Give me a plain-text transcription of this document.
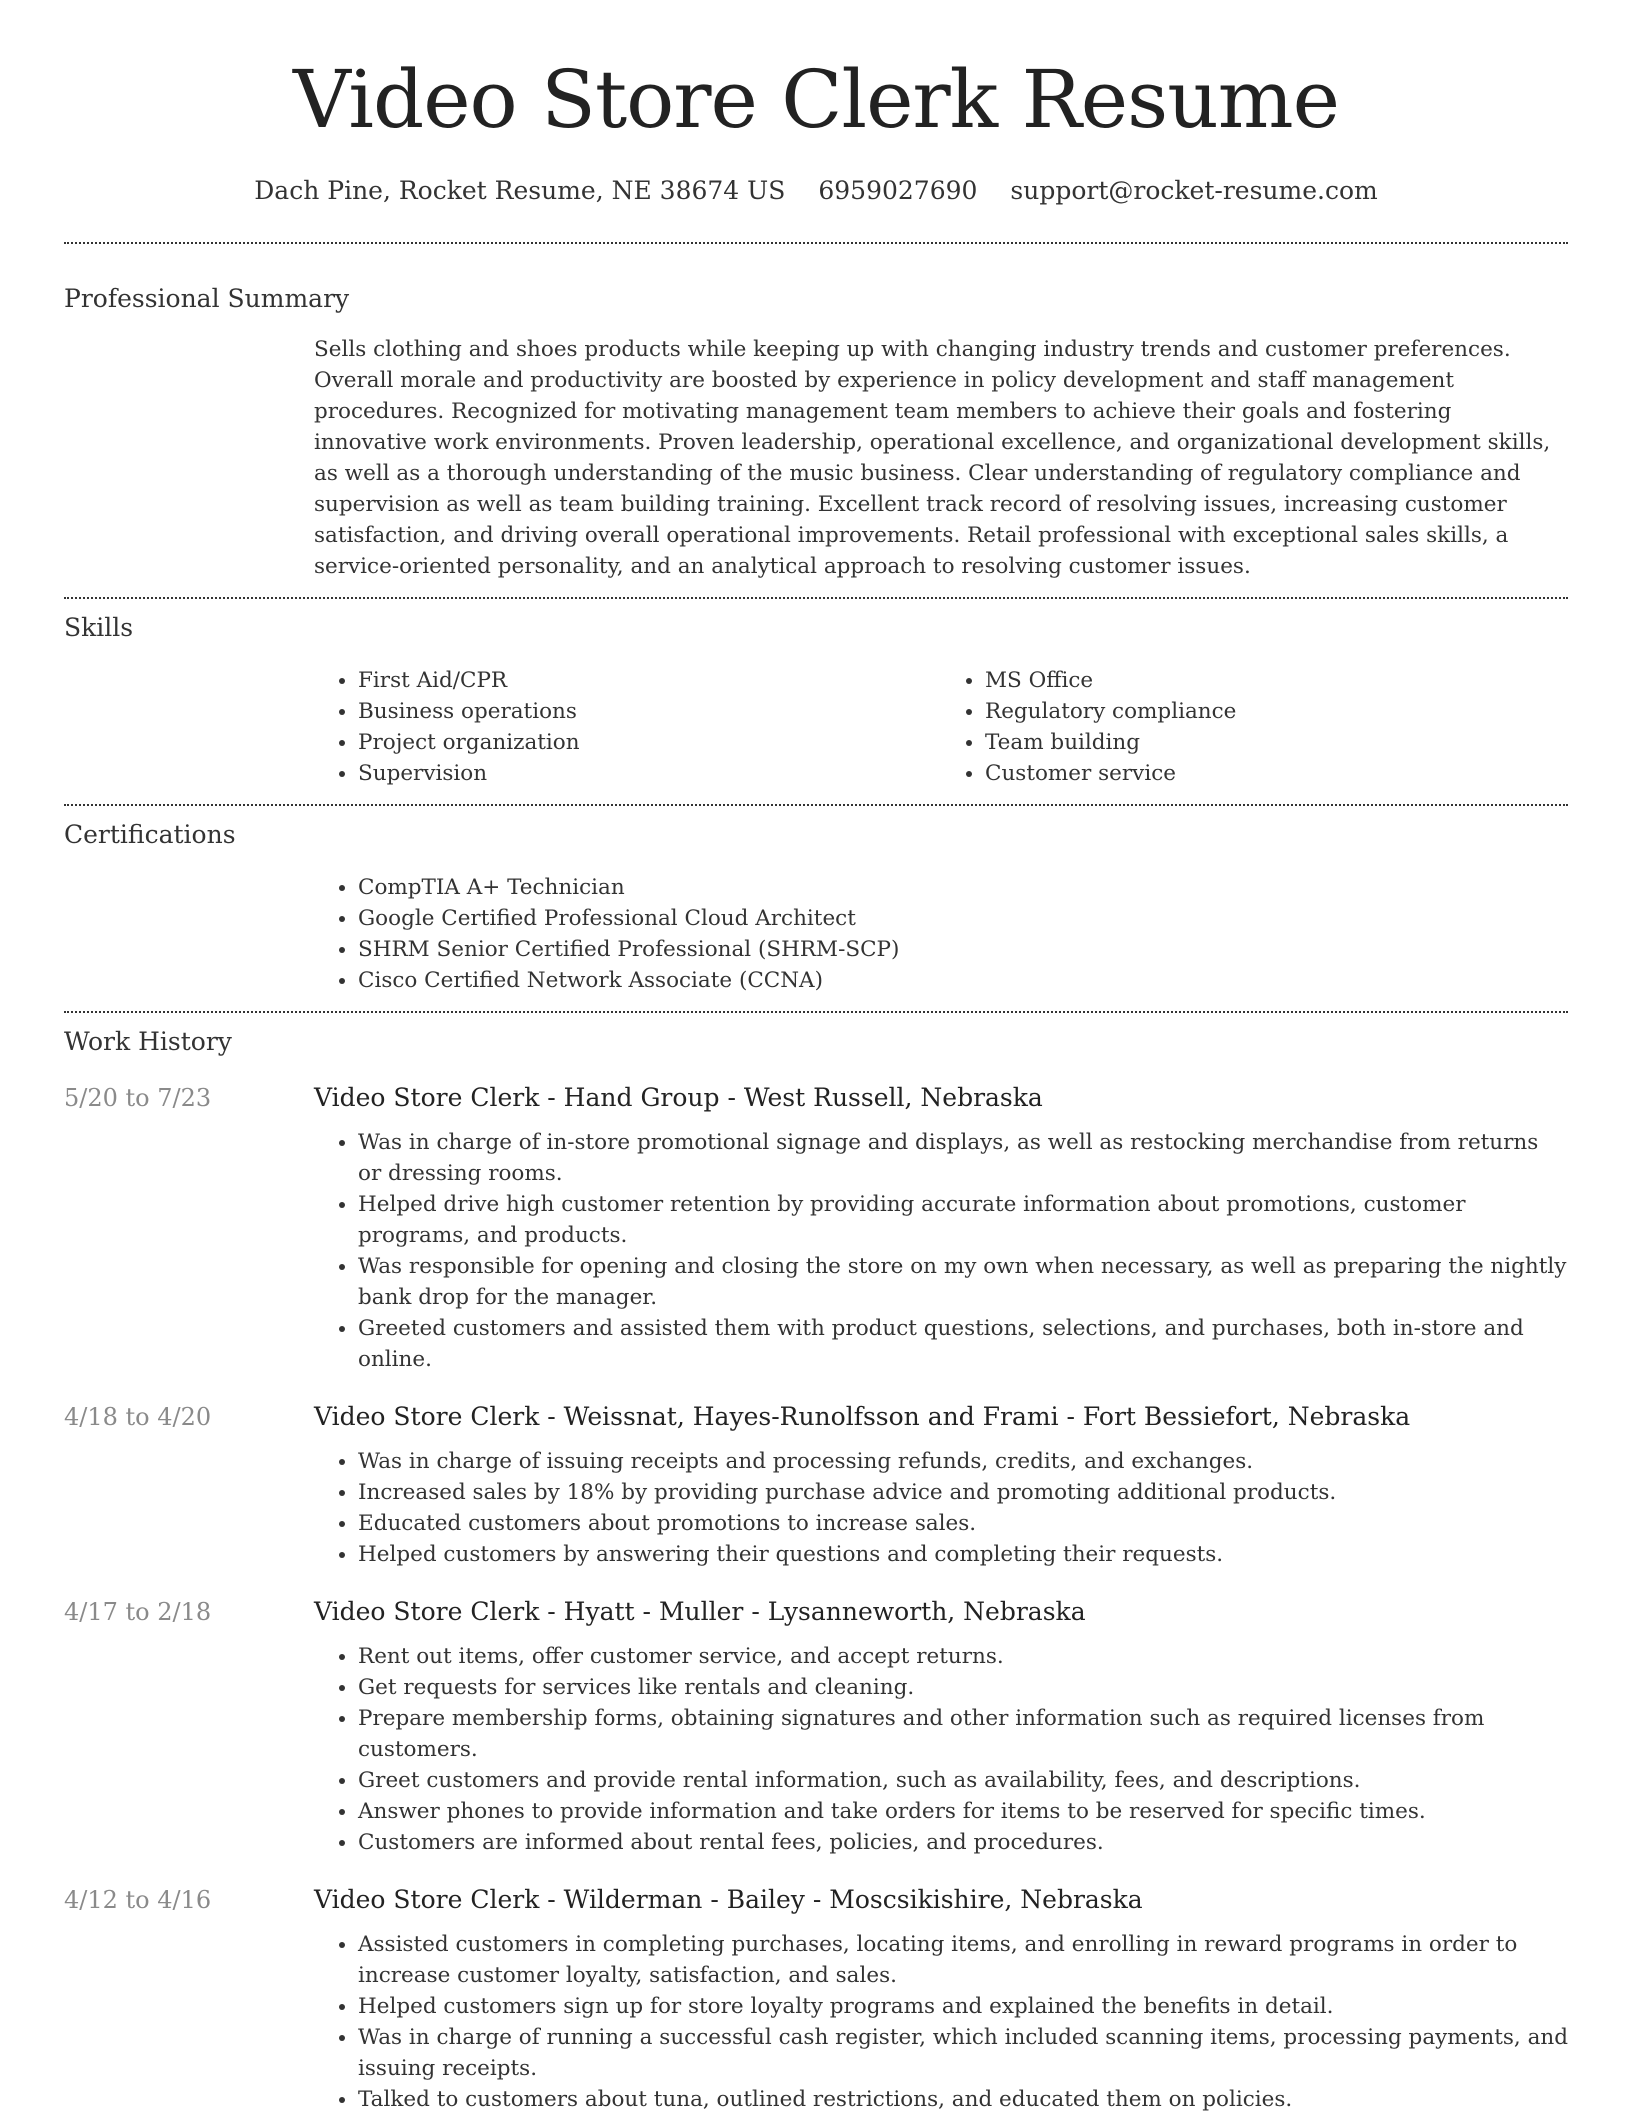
Video Store Clerk Resume
Dach Pine, Rocket Resume, NE 38674 US 6959027690 support@rocket-resume.com
Professional Summary

Sells clothing and shoes products while keeping up with changing industry trends and customer preferences. Overall morale and productivity are boosted by experience in policy development and staff management procedures. Recognized for motivating management team members to achieve their goals and fostering innovative work environments. Proven leadership, operational excellence, and organizational development skills, as well as a thorough understanding of the music business. Clear understanding of regulatory compliance and supervision as well as team building training. Excellent track record of resolving issues, increasing customer satisfaction, and driving overall operational improvements. Retail professional with exceptional sales skills, a service-oriented personality, and an analytical approach to resolving customer issues.

Skills
• First Aid/CPR
• Business operations
• Project organization
• Supervision
• MS Office
• Regulatory compliance
• Team building
• Customer service
Certifications
• CompTIA A+ Technician
• Google Certified Professional Cloud Architect
• SHRM Senior Certified Professional (SHRM-SCP)
• Cisco Certified Network Associate (CCNA)
Work History
5/20 to 7/23	Video Store Clerk - Hand Group - West Russell, Nebraska
• Was in charge of in-store promotional signage and displays, as well as restocking merchandise from returns or dressing rooms.
• Helped drive high customer retention by providing accurate information about promotions, customer programs, and products.
• Was responsible for opening and closing the store on my own when necessary, as well as preparing the nightly bank drop for the manager.
• Greeted customers and assisted them with product questions, selections, and purchases, both in-store and online.
4/18 to 4/20	Video Store Clerk - Weissnat, Hayes-Runolfsson and Frami - Fort Bessiefort, Nebraska
• Was in charge of issuing receipts and processing refunds, credits, and exchanges.
• Increased sales by 18% by providing purchase advice and promoting additional products.
• Educated customers about promotions to increase sales.
• Helped customers by answering their questions and completing their requests.
4/17 to 2/18	Video Store Clerk - Hyatt - Muller - Lysanneworth, Nebraska
• Rent out items, offer customer service, and accept returns.
• Get requests for services like rentals and cleaning.
• Prepare membership forms, obtaining signatures and other information such as required licenses from customers.
• Greet customers and provide rental information, such as availability, fees, and descriptions.
• Answer phones to provide information and take orders for items to be reserved for specific times.
• Customers are informed about rental fees, policies, and procedures.
4/12 to 4/16	Video Store Clerk - Wilderman - Bailey - Moscsikishire, Nebraska
• Assisted customers in completing purchases, locating items, and enrolling in reward programs in order to increase customer loyalty, satisfaction, and sales.
• Helped customers sign up for store loyalty programs and explained the benefits in detail.
• Was in charge of running a successful cash register, which included scanning items, processing payments, and issuing receipts.
• Talked to customers about tuna, outlined restrictions, and educated them on policies.
